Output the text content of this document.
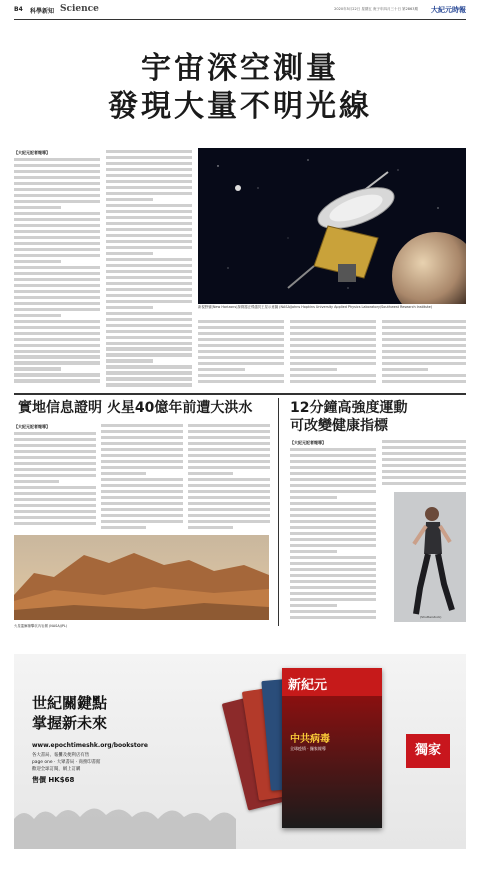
B4 科學新知 Science	2020年5月22日 星期五 庚子年四月三十日 第2863期 大紀元時報
宇宙深空測量
發現大量不明光線
【大紀元記者報導】
新視野號(New Horizons)探測器正飛越冥王星示意圖 (NASA/Johns Hopkins University Applied Physics Laboratory/Southwest Research Institute)
實地信息證明 火星40億年前遭大洪水
【大紀元記者報導】
火星蓋爾撞擊坑內岩層 (NASA/JPL)
12分鐘高強度運動
可改變健康指標
【大紀元記者報導】
(Shutterstock)
世紀關鍵點
掌握新未來
www.epochtimeshk.org/bookstore
各大書局、報攤及便利店有售
page one · 大眾書局 · 商務印書館
歡迎全球訂閱，網上訂購
售價 HK$68
新紀元
中共病毒
全球疫情 · 獨家報導	獨家
